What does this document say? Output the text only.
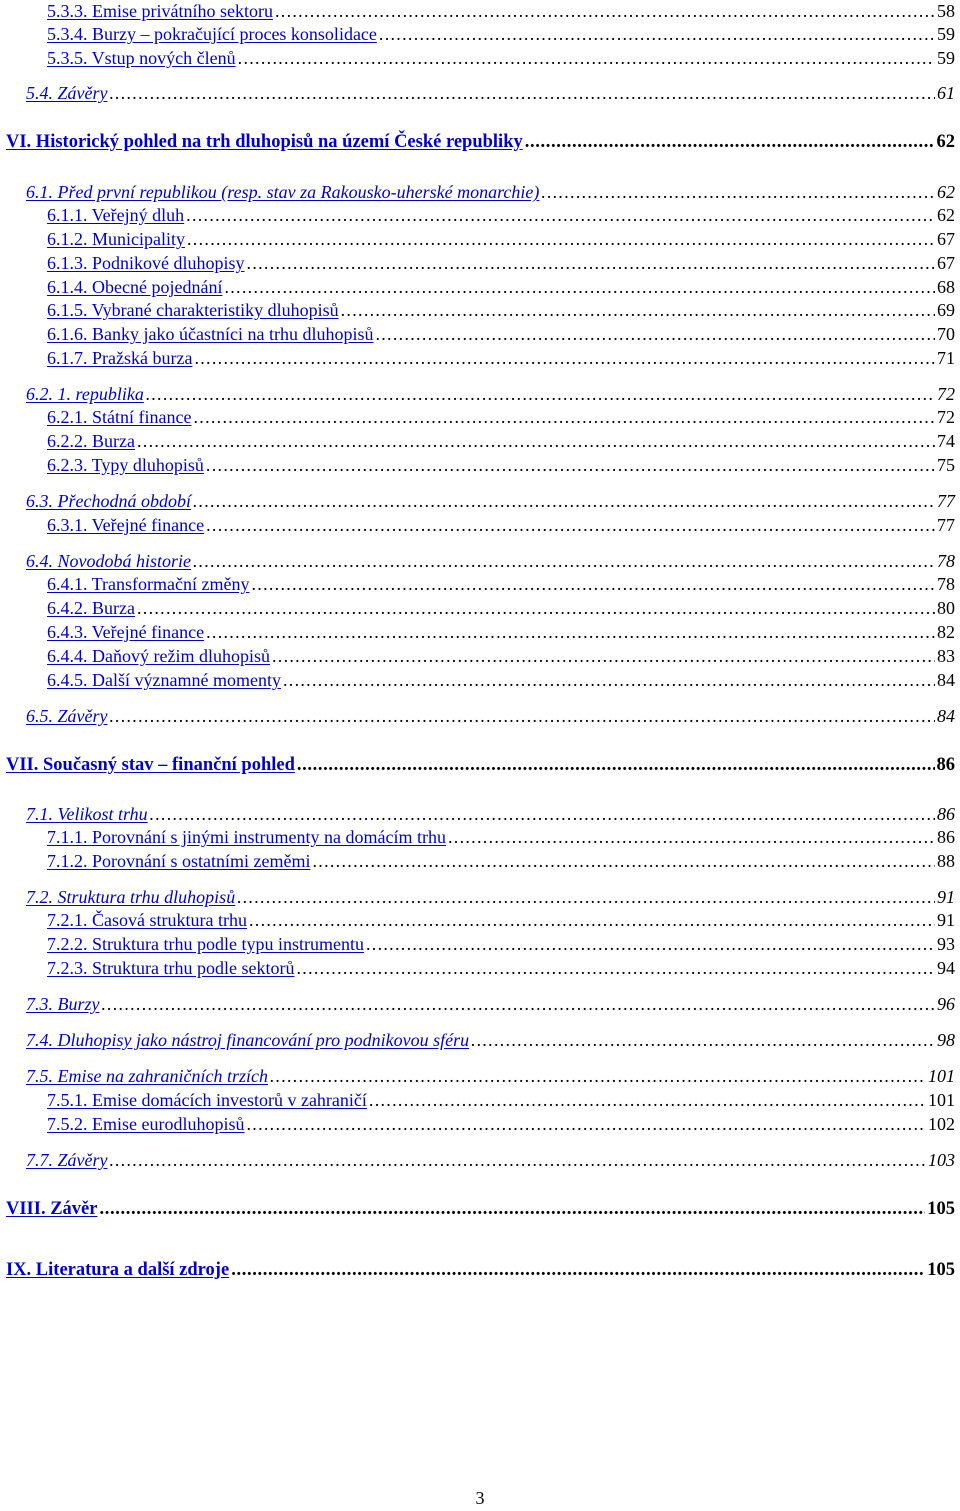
5.3.3. Emise privátního sektoru . . .	58
5.3.4. Burzy – pokračující proces konsolidace . . .	59
5.3.5. Vstup nových členů . . .	59
5.4. Závěry . . .	61
VI. Historický pohled na trh dluhopisů na území České republiky . . .	62
6.1. Před první republikou (resp. stav za Rakousko-uherské monarchie) . . .	62
6.1.1. Veřejný dluh . . .	62
6.1.2. Municipality . . .	67
6.1.3. Podnikové dluhopisy . . .	67
6.1.4. Obecné pojednání . . .	68
6.1.5. Vybrané charakteristiky dluhopisů . . .	69
6.1.6. Banky jako účastníci na trhu dluhopisů . . .	70
6.1.7. Pražská burza . . .	71
6.2. 1. republika . . .	72
6.2.1. Státní finance . . .	72
6.2.2. Burza . . .	74
6.2.3. Typy dluhopisů . . .	75
6.3. Přechodná období . . .	77
6.3.1. Veřejné finance . . .	77
6.4. Novodobá historie . . .	78
6.4.1. Transformační změny . . .	78
6.4.2. Burza . . .	80
6.4.3. Veřejné finance . . .	82
6.4.4. Daňový režim dluhopisů . . .	83
6.4.5. Další významné momenty . . .	84
6.5. Závěry . . .	84
VII. Současný stav – finanční pohled . . .	86
7.1. Velikost trhu . . .	86
7.1.1. Porovnání s jinými instrumenty na domácím trhu . . .	86
7.1.2. Porovnání s ostatními zeměmi . . .	88
7.2. Struktura trhu dluhopisů . . .	91
7.2.1. Časová struktura trhu . . .	91
7.2.2. Struktura trhu podle typu instrumentu . . .	93
7.2.3. Struktura trhu podle sektorů . . .	94
7.3. Burzy . . .	96
7.4. Dluhopisy jako nástroj financování pro podnikovou sféru . . .	98
7.5. Emise na zahraničních trzích . . .	101
7.5.1. Emise domácích investorů v zahraničí . . .	101
7.5.2. Emise eurodluhopisů . . .	102
7.7. Závěry . . .	103
VIII. Závěr . . .	105
IX. Literatura a další zdroje . . .	105
3
